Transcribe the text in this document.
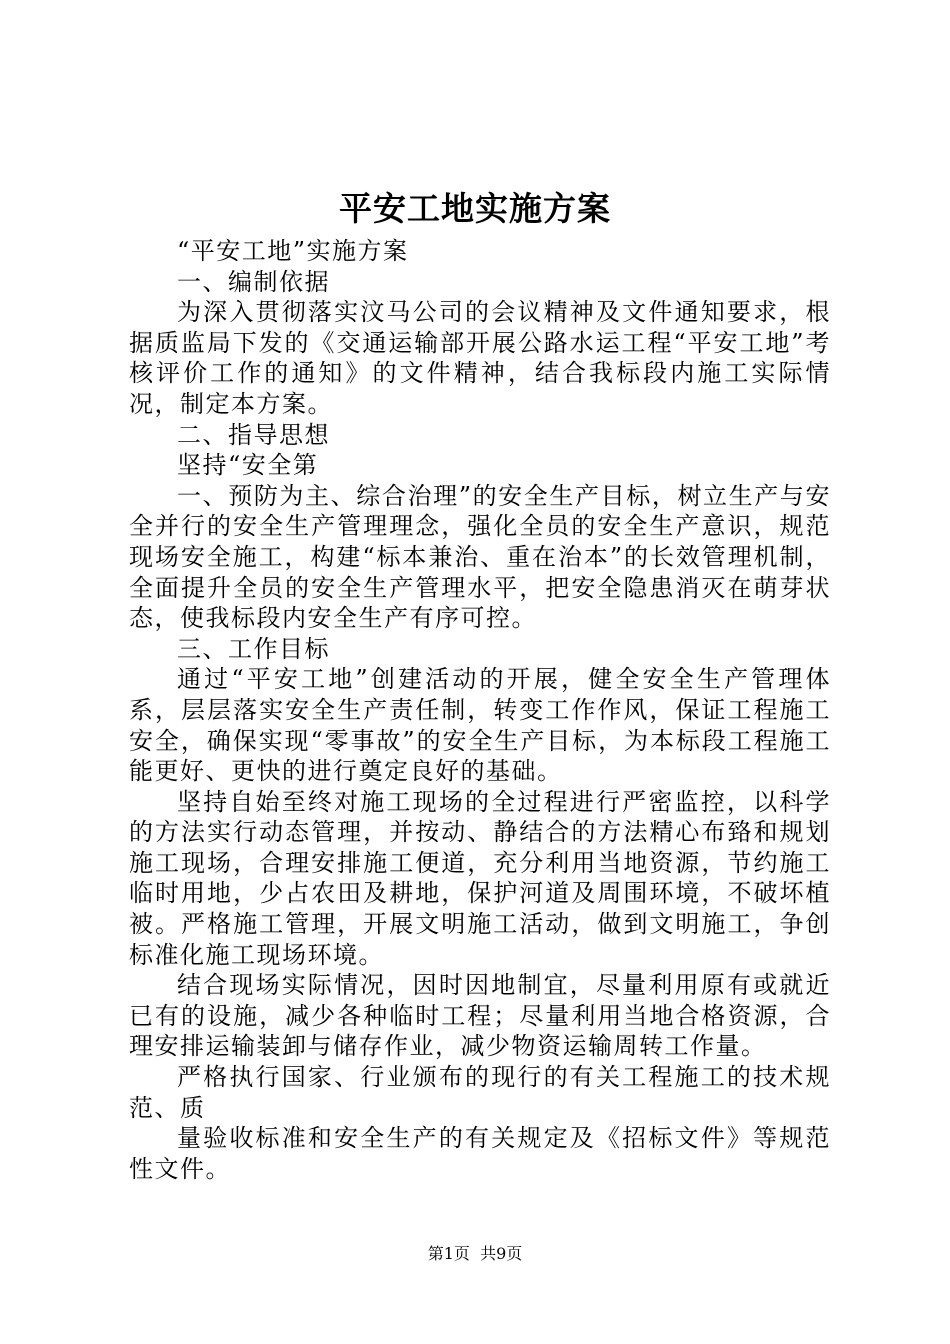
平安工地实施方案

“平安工地”实施方案

一、编制依据

为深入贯彻落实汶马公司的会议精神及文件通知要求，根据质监局下发的《交通运输部开展公路水运工程“平安工地”考核评价工作的通知》的文件精神，结合我标段内施工实际情况，制定本方案。

二、指导思想

坚持“安全第

一、预防为主、综合治理”的安全生产目标，树立生产与安全并行的安全生产管理理念，强化全员的安全生产意识，规范现场安全施工，构建“标本兼治、重在治本”的长效管理机制，全面提升全员的安全生产管理水平，把安全隐患消灭在萌芽状态，使我标段内安全生产有序可控。

三、工作目标

通过“平安工地”创建活动的开展，健全安全生产管理体系，层层落实安全生产责任制，转变工作作风，保证工程施工安全，确保实现“零事故”的安全生产目标，为本标段工程施工能更好、更快的进行奠定良好的基础。

坚持自始至终对施工现场的全过程进行严密监控，以科学的方法实行动态管理，并按动、静结合的方法精心布臵和规划施工现场，合理安排施工便道，充分利用当地资源，节约施工临时用地，少占农田及耕地，保护河道及周围环境，不破坏植被。严格施工管理，开展文明施工活动，做到文明施工，争创标准化施工现场环境。

结合现场实际情况，因时因地制宜，尽量利用原有或就近已有的设施，减少各种临时工程；尽量利用当地合格资源，合理安排运输装卸与储存作业，减少物资运输周转工作量。

严格执行国家、行业颁布的现行的有关工程施工的技术规范、质

量验收标准和安全生产的有关规定及《招标文件》等规范性文件。

第1页 共9页
